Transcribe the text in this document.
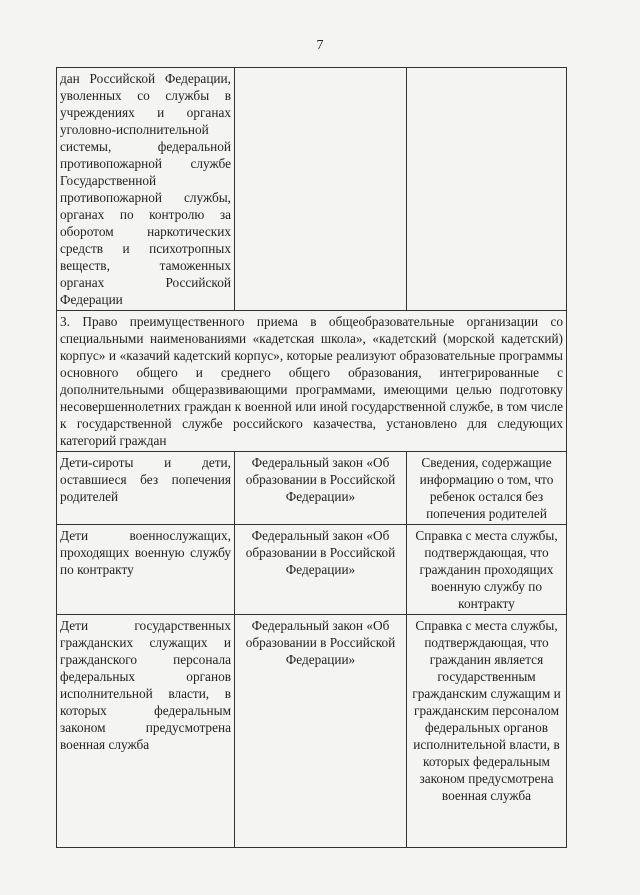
7
дан Российской Федерации, уволенных со службы в учреждениях и органах уголовно-исполнительной системы, федеральной противопожарной службе Государственной противопожарной службы, органах по контролю за оборотом наркотических средств и психотропных веществ, таможенных органах Российской Федерации		
3. Право преимущественного приема в общеобразовательные организации со специальными наименованиями «кадетская школа», «кадетский (морской кадетский) корпус» и «казачий кадетский корпус», которые реализуют образовательные программы основного общего и среднего общего образования, интегрированные с дополнительными общеразвивающими программами, имеющими целью подготовку несовершеннолетних граждан к военной или иной государственной службе, в том числе к государственной службе российского казачества, установлено для следующих категорий граждан		
Дети-сироты и дети, оставшиеся без попечения родителей	Федеральный закон «Об образовании в Российской Федерации»	Сведения, содержащие информацию о том, что ребенок остался без попечения родителей
Дети военнослужащих, проходящих военную службу по контракту	Федеральный закон «Об образовании в Российской Федерации»	Справка с места службы, подтверждающая, что гражданин проходящих военную службу по контракту
Дети государственных гражданских служащих и гражданского персонала федеральных органов исполнительной власти, в которых федеральным законом предусмотрена военная служба	Федеральный закон «Об образовании в Российской Федерации»	Справка с места службы, подтверждающая, что гражданин является государственным гражданским служащим и гражданским персоналом федеральных органов исполнительной власти, в которых федеральным законом предусмотрена военная служба
